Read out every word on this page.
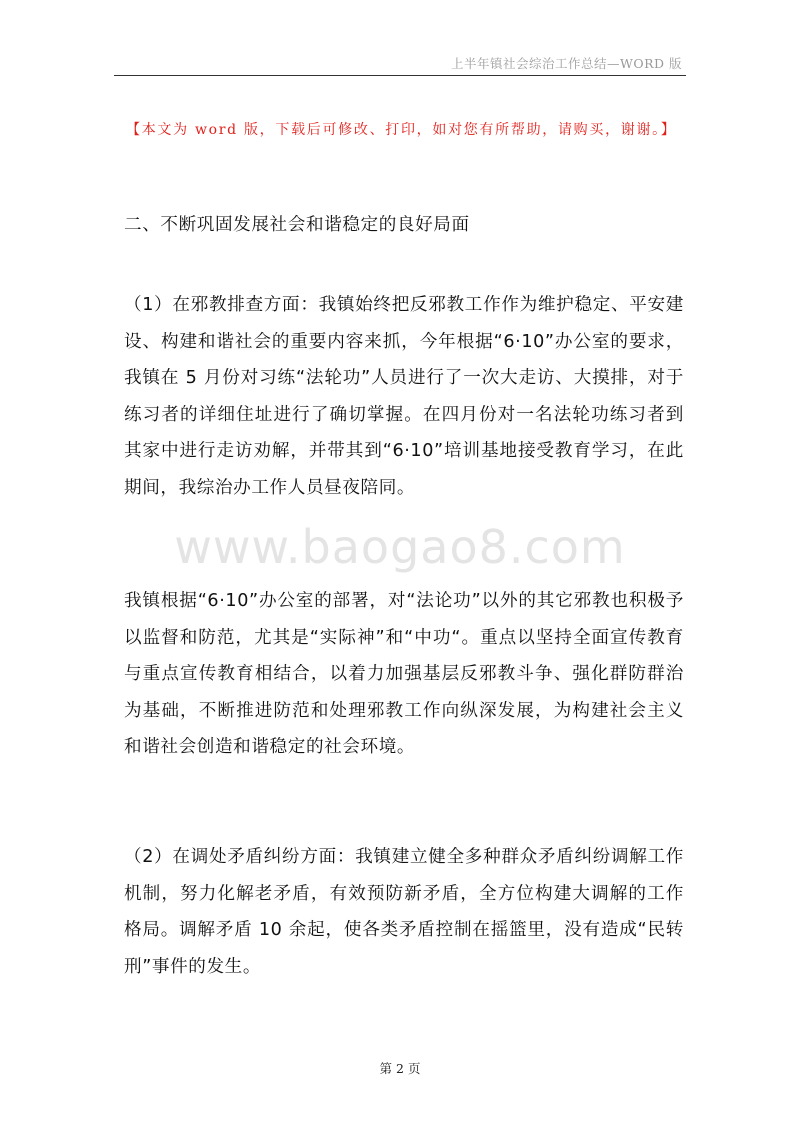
上半年镇社会综治工作总结—WORD 版
【本文为 word 版，下载后可修改、打印，如对您有所帮助，请购买，谢谢。】

二、不断巩固发展社会和谐稳定的良好局面

www.baogao8.com

（1）在邪教排查方面：我镇始终把反邪教工作作为维护稳定、平安建设、构建和谐社会的重要内容来抓，今年根据“6·10”办公室的要求，我镇在 5 月份对习练“法轮功”人员进行了一次大走访、大摸排，对于练习者的详细住址进行了确切掌握。在四月份对一名法轮功练习者到其家中进行走访劝解，并带其到“6·10”培训基地接受教育学习，在此期间，我综治办工作人员昼夜陪同。

我镇根据“6·10”办公室的部署，对“法论功”以外的其它邪教也积极予以监督和防范，尤其是“实际神”和“中功“。重点以坚持全面宣传教育与重点宣传教育相结合，以着力加强基层反邪教斗争、强化群防群治为基础，不断推进防范和处理邪教工作向纵深发展，为构建社会主义和谐社会创造和谐稳定的社会环境。

（2）在调处矛盾纠纷方面：我镇建立健全多种群众矛盾纠纷调解工作机制，努力化解老矛盾，有效预防新矛盾，全方位构建大调解的工作格局。调解矛盾 10 余起，使各类矛盾控制在摇篮里，没有造成“民转刑”事件的发生。

第 2 页
